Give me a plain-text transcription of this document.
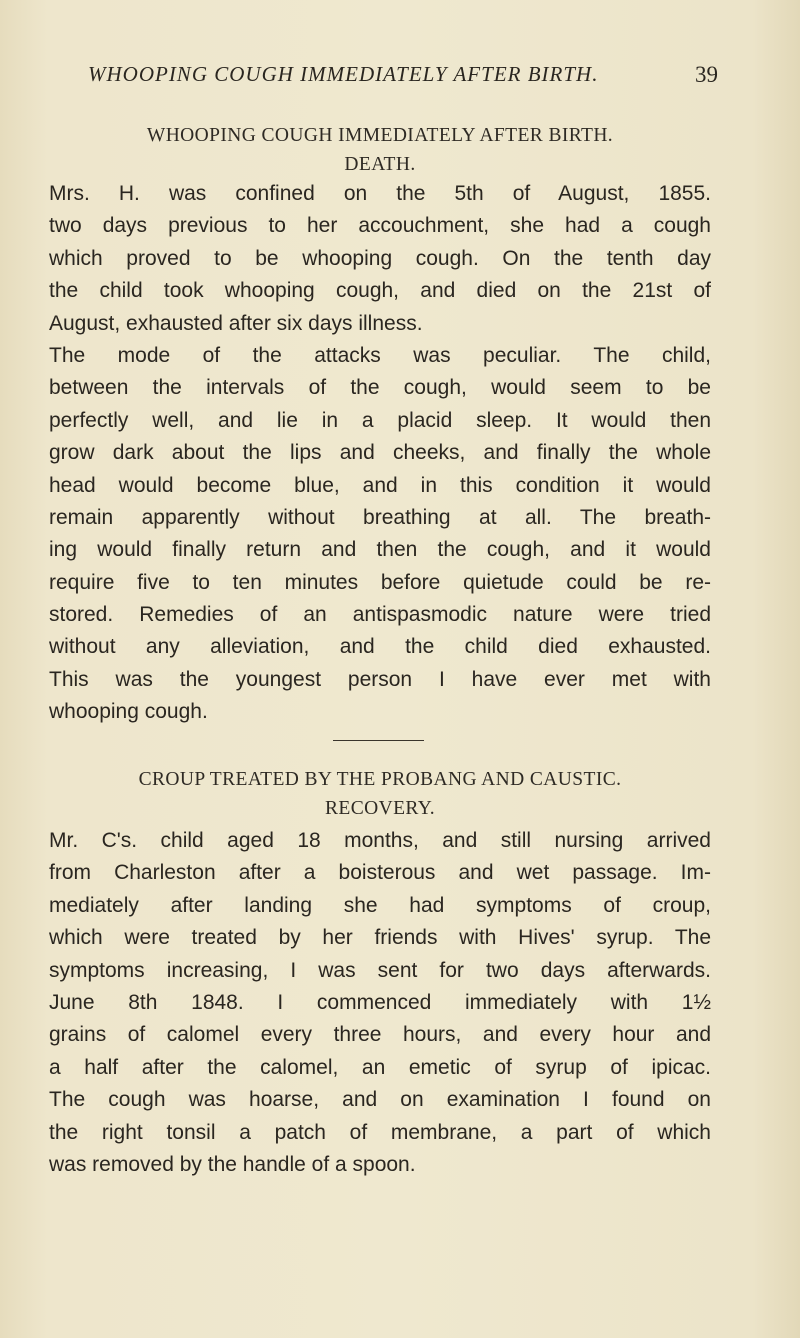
WHOOPING COUGH IMMEDIATELY AFTER BIRTH.	39
WHOOPING COUGH IMMEDIATELY AFTER BIRTH.
DEATH.
Mrs. H. was confined on the 5th of August, 1855.
two days previous to her accouchment, she had a cough
which proved to be whooping cough. On the tenth day
the child took whooping cough, and died on the 21st of
August, exhausted after six days illness.
The mode of the attacks was peculiar. The child,
between the intervals of the cough, would seem to be
perfectly well, and lie in a placid sleep. It would then
grow dark about the lips and cheeks, and finally the whole
head would become blue, and in this condition it would
remain apparently without breathing at all. The breath-
ing would finally return and then the cough, and it would
require five to ten minutes before quietude could be re-
stored. Remedies of an antispasmodic nature were tried
without any alleviation, and the child died exhausted.
This was the youngest person I have ever met with
whooping cough.
CROUP TREATED BY THE PROBANG AND CAUSTIC.
RECOVERY.
Mr. C's. child aged 18 months, and still nursing arrived
from Charleston after a boisterous and wet passage. Im-
mediately after landing she had symptoms of croup,
which were treated by her friends with Hives' syrup. The
symptoms increasing, I was sent for two days afterwards.
June 8th 1848. I commenced immediately with 1½
grains of calomel every three hours, and every hour and
a half after the calomel, an emetic of syrup of ipicac.
The cough was hoarse, and on examination I found on
the right tonsil a patch of membrane, a part of which
was removed by the handle of a spoon.
